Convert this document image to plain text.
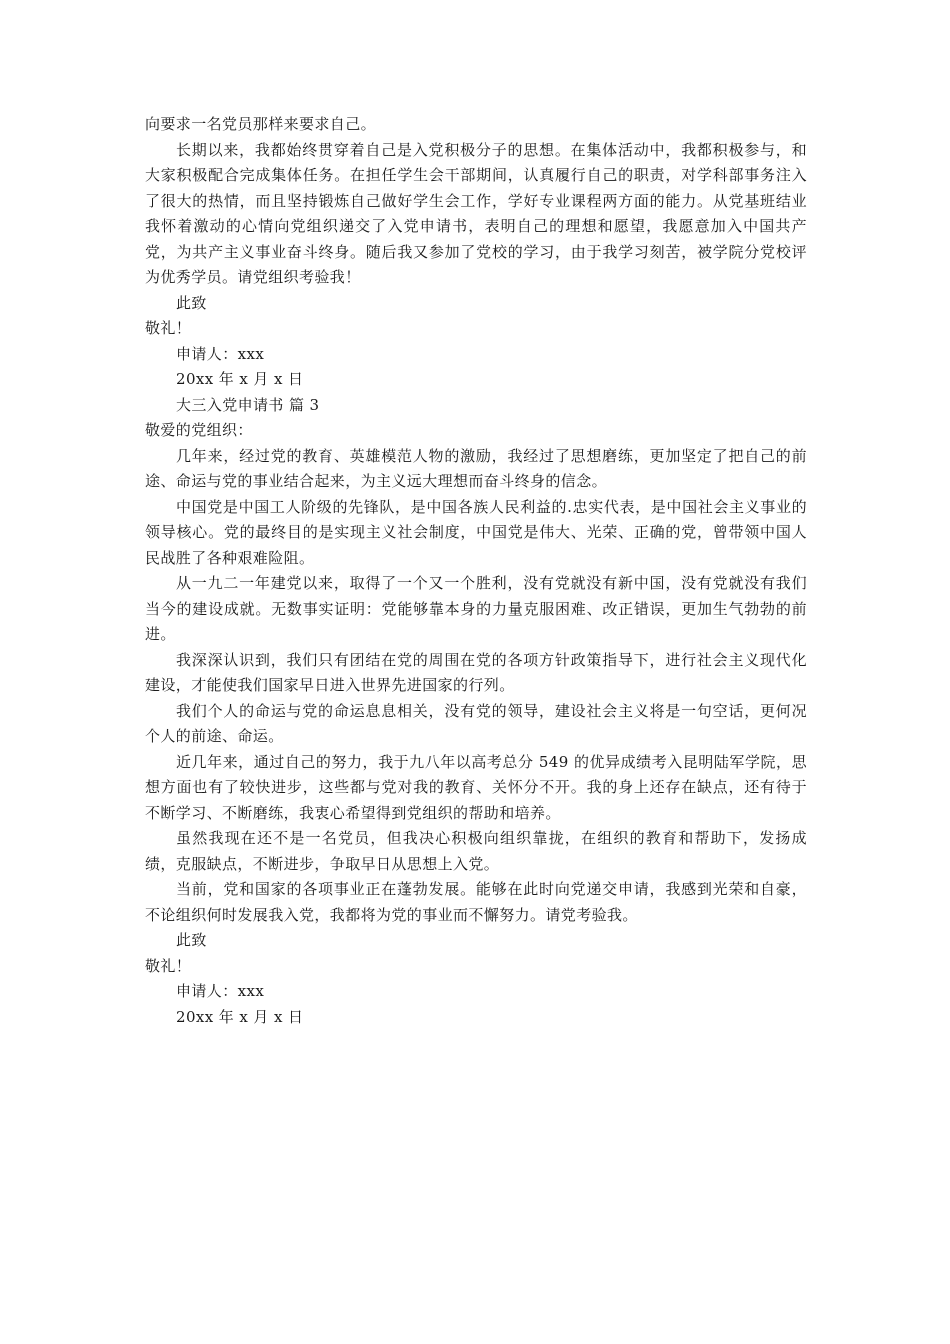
向要求一名党员那样来要求自己。

长期以来，我都始终贯穿着自己是入党积极分子的思想。在集体活动中，我都积极参与，和大家积极配合完成集体任务。在担任学生会干部期间，认真履行自己的职责，对学科部事务注入了很大的热情，而且坚持锻炼自己做好学生会工作，学好专业课程两方面的能力。从党基班结业我怀着激动的心情向党组织递交了入党申请书，表明自己的理想和愿望，我愿意加入中国共产党，为共产主义事业奋斗终身。随后我又参加了党校的学习，由于我学习刻苦，被学院分党校评为优秀学员。请党组织考验我！

此致

敬礼！

申请人：xxx

20xx 年 x 月 x 日

大三入党申请书 篇 3

敬爱的党组织：

几年来，经过党的教育、英雄模范人物的激励，我经过了思想磨练，更加坚定了把自己的前途、命运与党的事业结合起来，为主义远大理想而奋斗终身的信念。

中国党是中国工人阶级的先锋队，是中国各族人民利益的.忠实代表，是中国社会主义事业的领导核心。党的最终目的是实现主义社会制度，中国党是伟大、光荣、正确的党，曾带领中国人民战胜了各种艰难险阻。

从一九二一年建党以来，取得了一个又一个胜利，没有党就没有新中国，没有党就没有我们当今的建设成就。无数事实证明：党能够靠本身的力量克服困难、改正错误，更加生气勃勃的前进。

我深深认识到，我们只有团结在党的周围在党的各项方针政策指导下，进行社会主义现代化建设，才能使我们国家早日进入世界先进国家的行列。

我们个人的命运与党的命运息息相关，没有党的领导，建设社会主义将是一句空话，更何况个人的前途、命运。

近几年来，通过自己的努力，我于九八年以高考总分 549 的优异成绩考入昆明陆军学院，思想方面也有了较快进步，这些都与党对我的教育、关怀分不开。我的身上还存在缺点，还有待于不断学习、不断磨练，我衷心希望得到党组织的帮助和培养。

虽然我现在还不是一名党员，但我决心积极向组织靠拢，在组织的教育和帮助下，发扬成绩，克服缺点，不断进步，争取早日从思想上入党。

当前，党和国家的各项事业正在蓬勃发展。能够在此时向党递交申请，我感到光荣和自豪，不论组织何时发展我入党，我都将为党的事业而不懈努力。请党考验我。

此致

敬礼！

申请人：xxx

20xx 年 x 月 x 日
